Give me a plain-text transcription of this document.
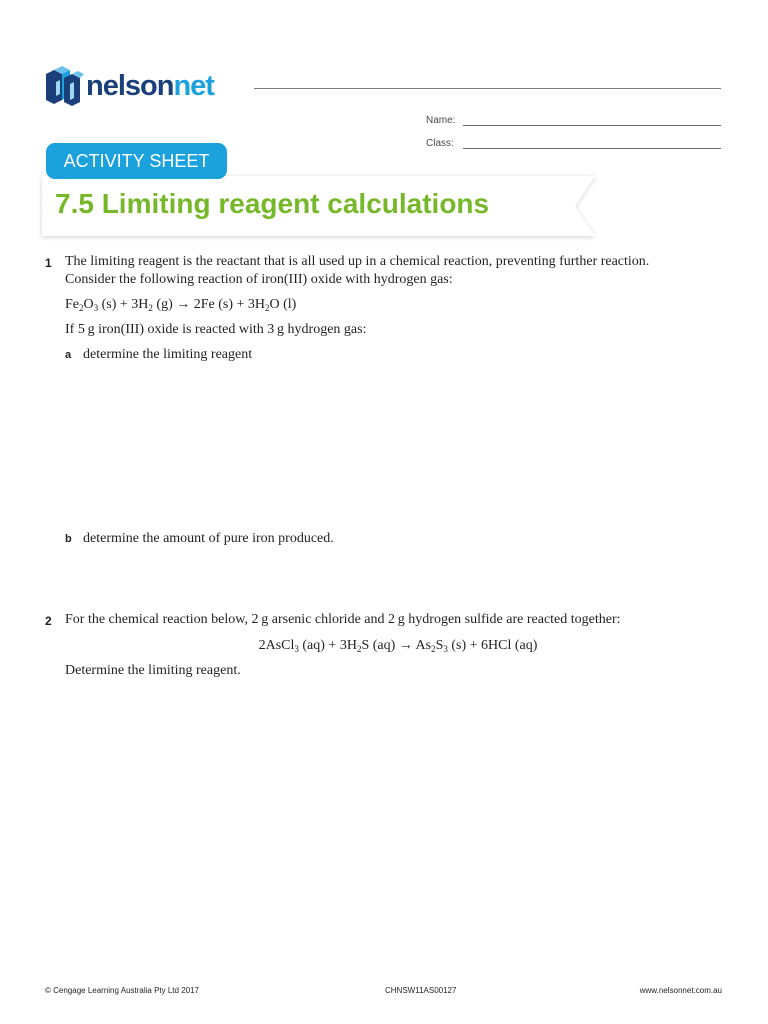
nelsonnet
Name:
Class:
ACTIVITY SHEET
7.5 Limiting reagent calculations
1 The limiting reagent is the reactant that is all used up in a chemical reaction, preventing further reaction.
Consider the following reaction of iron(III) oxide with hydrogen gas:
$Fe_2O_3$ $(s) + 3H_2$ (g) → 2Fe $(s) + 3H_2O$ (l)
If 5 g iron(III) oxide is reacted with 3 g hydrogen gas:
a determine the limiting reagent
b determine the amount of pure iron produced.
2 For the chemical reaction below, 2 g arsenic chloride and 2 g hydrogen sulfide are reacted together:
2AsCl$_3$ $(aq) + 3H_2S$ $(aq) \to As_2S_3$ (s) + 6HCl (aq)
Determine the limiting reagent.
© Cengage Learning Australia Pty Ltd 2017	CHNSW11AS00127	www.nelsonnet.com.au
